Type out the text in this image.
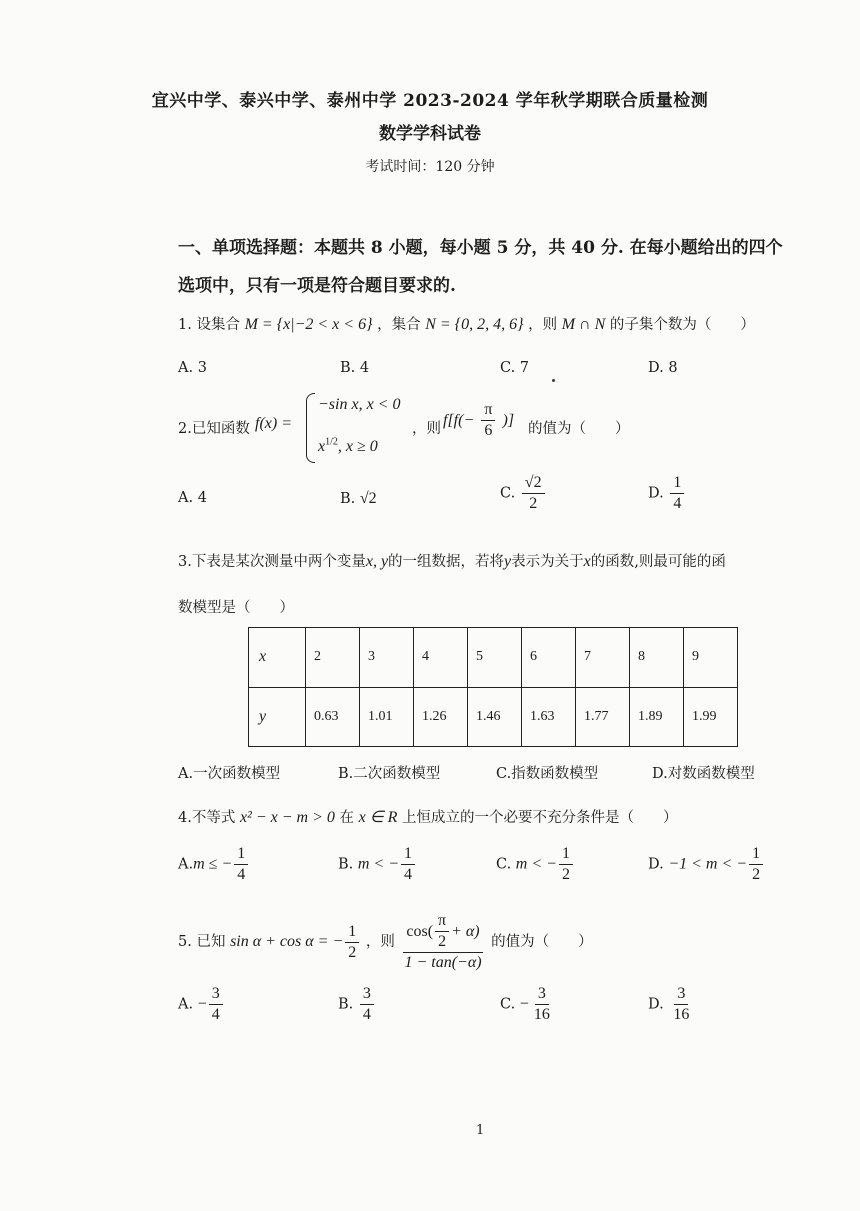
宜兴中学、泰兴中学、泰州中学 2023-2024 学年秋学期联合质量检测
数学学科试卷
考试时间：120 分钟
一、单项选择题：本题共 8 小题，每小题 5 分，共 40 分. 在每小题给出的四个
选项中，只有一项是符合题目要求的.
1. 设集合 M = {x|−2 < x < 6} ，集合 N = {0, 2, 4, 6} ，则 M ∩ N 的子集个数为（　　）
A. 3	B. 4	C. 7	D. 8
2.已知函数 f(x) =
−sin x, x < 0
$x^{1/2}$, x ≥ 0
，则 $f[f(- \frac{\pi}{6}$ )] 的值为（　　）
A. 4	B. √2	C. $\frac{√2}{2}$	D. $\frac{1}{4}$
3.下表是某次测量中两个变量x, y的一组数据，若将y表示为关于x的函数,则最可能的函
数模型是（　　）
x	2	3	4	5	6	7	8	9
y	0.63	1.01	1.26	1.46	1.63	1.77	1.89	1.99
A.一次函数模型	B.二次函数模型	C.指数函数模型	D.对数函数模型
4.不等式 x² − x − m > 0 在 x ∈ R 上恒成立的一个必要不充分条件是（　　）
A.m ≤ − $\frac{1}{4}$	B. m < − $\frac{1}{4}$	C. m < − $\frac{1}{2}$	D. −1 < m < − $\frac{1}{2}$
5. 已知 sin α + cos α = − $\frac{1}{2}$ ，则 $\frac{\cos( \frac{\pi}{2} + \alpha)}{1 - \tan(-\alpha)}$ 的值为（　　）
A. − $\frac{3}{4}$	B. $\frac{3}{4}$	C. − $\frac{3}{16}$	D. $\frac{3}{16}$
1
